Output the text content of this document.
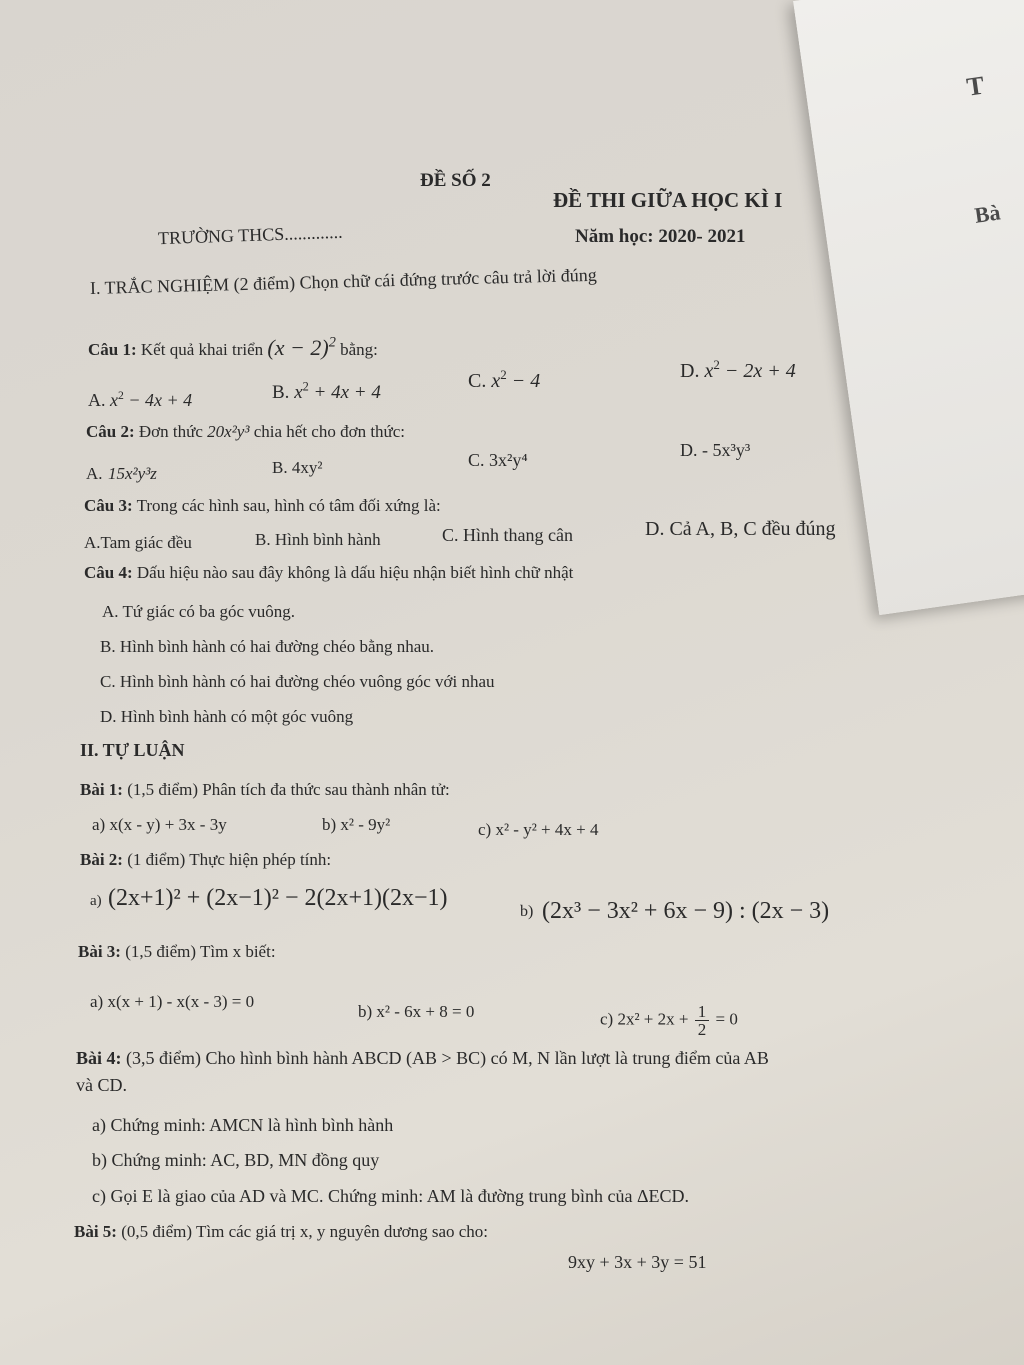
T
Bà
ĐỀ SỐ 2
ĐỀ THI GIỮA HỌC KÌ I
TRƯỜNG THCS.............	Năm học: 2020- 2021
I. TRẮC NGHIỆM (2 điểm) Chọn chữ cái đứng trước câu trả lời đúng
Câu 1: Kết quả khai triển $(x - 2)^2$ bằng:
A. $x^2 - 4x + 4$	B. $x^2 + 4x + 4$
C. $x^2 - 4$	D. $x^2 - 2x + 4$
Câu 2: Đơn thức 20x²y³ chia hết cho đơn thức:
A. 15x²y³z	B. 4xy²	C. 3x²y⁴	D. - 5x³y³
Câu 3: Trong các hình sau, hình có tâm đối xứng là:
A.Tam giác đều	B. Hình bình hành	C. Hình thang cân	D. Cả A, B, C đều đúng
Câu 4: Dấu hiệu nào sau đây không là dấu hiệu nhận biết hình chữ nhật
A. Tứ giác có ba góc vuông.
B. Hình bình hành có hai đường chéo bằng nhau.
C. Hình bình hành có hai đường chéo vuông góc với nhau
D. Hình bình hành có một góc vuông
II. TỰ LUẬN
Bài 1: (1,5 điểm) Phân tích đa thức sau thành nhân tử:
a) x(x - y) + 3x - 3y	b) x² - 9y²	c) x² - y² + 4x + 4
Bài 2: (1 điểm) Thực hiện phép tính:
a) (2x+1)² + (2x−1)² − 2(2x+1)(2x−1)
b) (2x³ − 3x² + 6x − 9) : (2x − 3)
Bài 3: (1,5 điểm) Tìm x biết:
a) x(x + 1) - x(x - 3) = 0
b) x² - 6x + 8 = 0	c) $2x^2 + 2x + \frac{1}{2} = 0$
Bài 4: (3,5 điểm) Cho hình bình hành ABCD (AB > BC) có M, N lần lượt là trung điểm của AB
và CD.
a) Chứng minh: AMCN là hình bình hành
b) Chứng minh: AC, BD, MN đồng quy
c) Gọi E là giao của AD và MC. Chứng minh: AM là đường trung bình của ΔECD.
Bài 5: (0,5 điểm) Tìm các giá trị x, y nguyên dương sao cho:
9xy + 3x + 3y = 51
